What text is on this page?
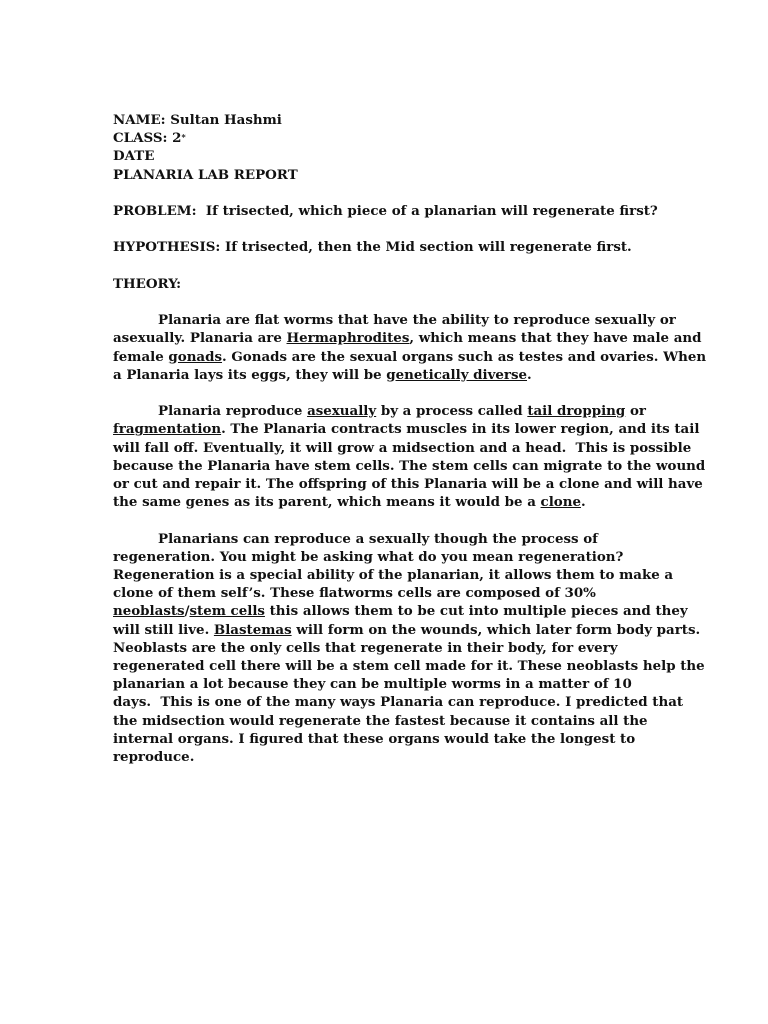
NAME: Sultan Hashmi
CLASS: 2*
DATE
PLANARIA LAB REPORT
PROBLEM:  If trisected, which piece of a planarian will regenerate first?
HYPOTHESIS: If trisected, then the Mid section will regenerate first.
THEORY:
Planaria are flat worms that have the ability to reproduce sexually or
asexually. Planaria are Hermaphrodites, which means that they have male and
female gonads. Gonads are the sexual organs such as testes and ovaries. When
a Planaria lays its eggs, they will be genetically diverse.
Planaria reproduce asexually by a process called tail dropping or
fragmentation. The Planaria contracts muscles in its lower region, and its tail
will fall off. Eventually, it will grow a midsection and a head.  This is possible
because the Planaria have stem cells. The stem cells can migrate to the wound
or cut and repair it. The offspring of this Planaria will be a clone and will have
the same genes as its parent, which means it would be a clone.
Planarians can reproduce a sexually though the process of
regeneration. You might be asking what do you mean regeneration?
Regeneration is a special ability of the planarian, it allows them to make a
clone of them self’s. These flatworms cells are composed of 30%
neoblasts/stem cells this allows them to be cut into multiple pieces and they
will still live. Blastemas will form on the wounds, which later form body parts.
Neoblasts are the only cells that regenerate in their body, for every
regenerated cell there will be a stem cell made for it. These neoblasts help the
planarian a lot because they can be multiple worms in a matter of 10
days.  This is one of the many ways Planaria can reproduce. I predicted that
the midsection would regenerate the fastest because it contains all the
internal organs. I figured that these organs would take the longest to
reproduce.
